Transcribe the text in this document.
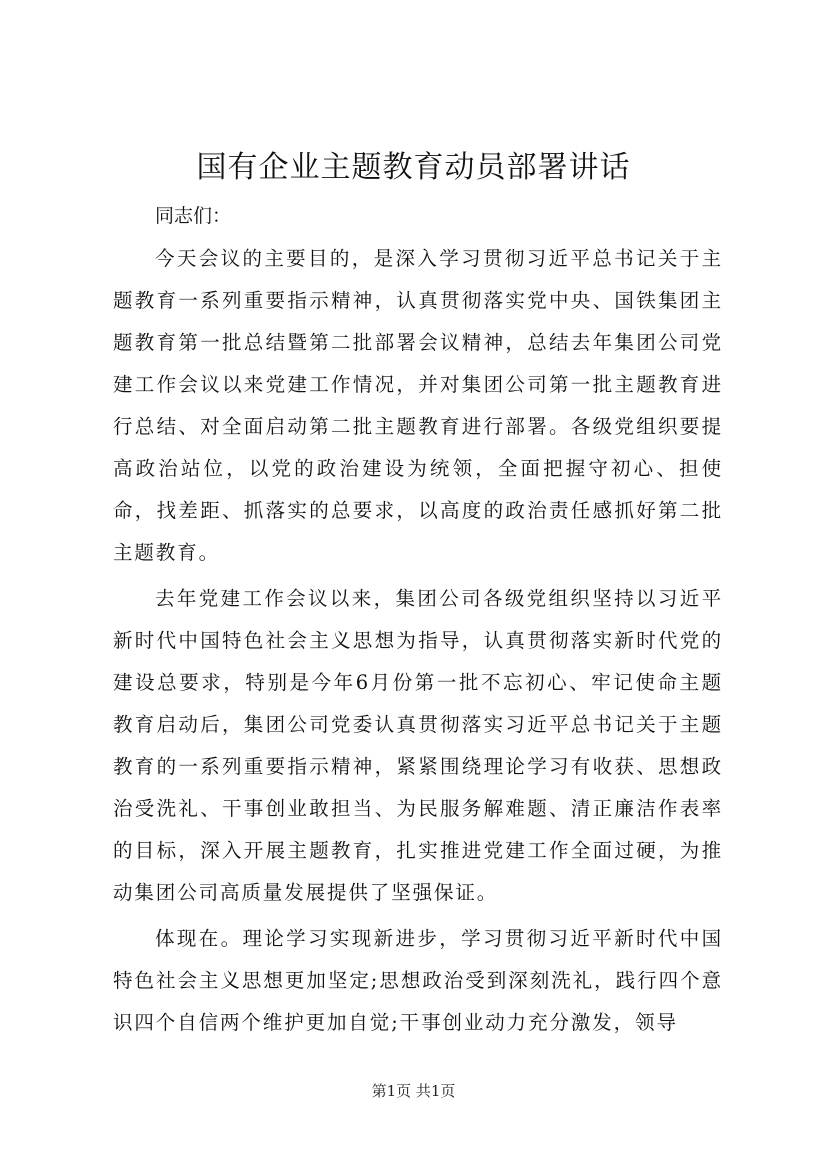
国有企业主题教育动员部署讲话

同志们：

今天会议的主要目的，是深入学习贯彻习近平总书记关于主题教育一系列重要指示精神，认真贯彻落实党中央、国铁集团主题教育第一批总结暨第二批部署会议精神，总结去年集团公司党建工作会议以来党建工作情况，并对集团公司第一批主题教育进行总结、对全面启动第二批主题教育进行部署。各级党组织要提高政治站位，以党的政治建设为统领，全面把握守初心、担使命，找差距、抓落实的总要求，以高度的政治责任感抓好第二批主题教育。

去年党建工作会议以来，集团公司各级党组织坚持以习近平新时代中国特色社会主义思想为指导，认真贯彻落实新时代党的建设总要求，特别是今年6月份第一批不忘初心、牢记使命主题教育启动后，集团公司党委认真贯彻落实习近平总书记关于主题教育的一系列重要指示精神，紧紧围绕理论学习有收获、思想政治受洗礼、干事创业敢担当、为民服务解难题、清正廉洁作表率的目标，深入开展主题教育，扎实推进党建工作全面过硬，为推动集团公司高质量发展提供了坚强保证。

体现在。理论学习实现新进步，学习贯彻习近平新时代中国特色社会主义思想更加坚定;思想政治受到深刻洗礼，践行四个意识四个自信两个维护更加自觉;干事创业动力充分激发，领导

第1页 共1页
